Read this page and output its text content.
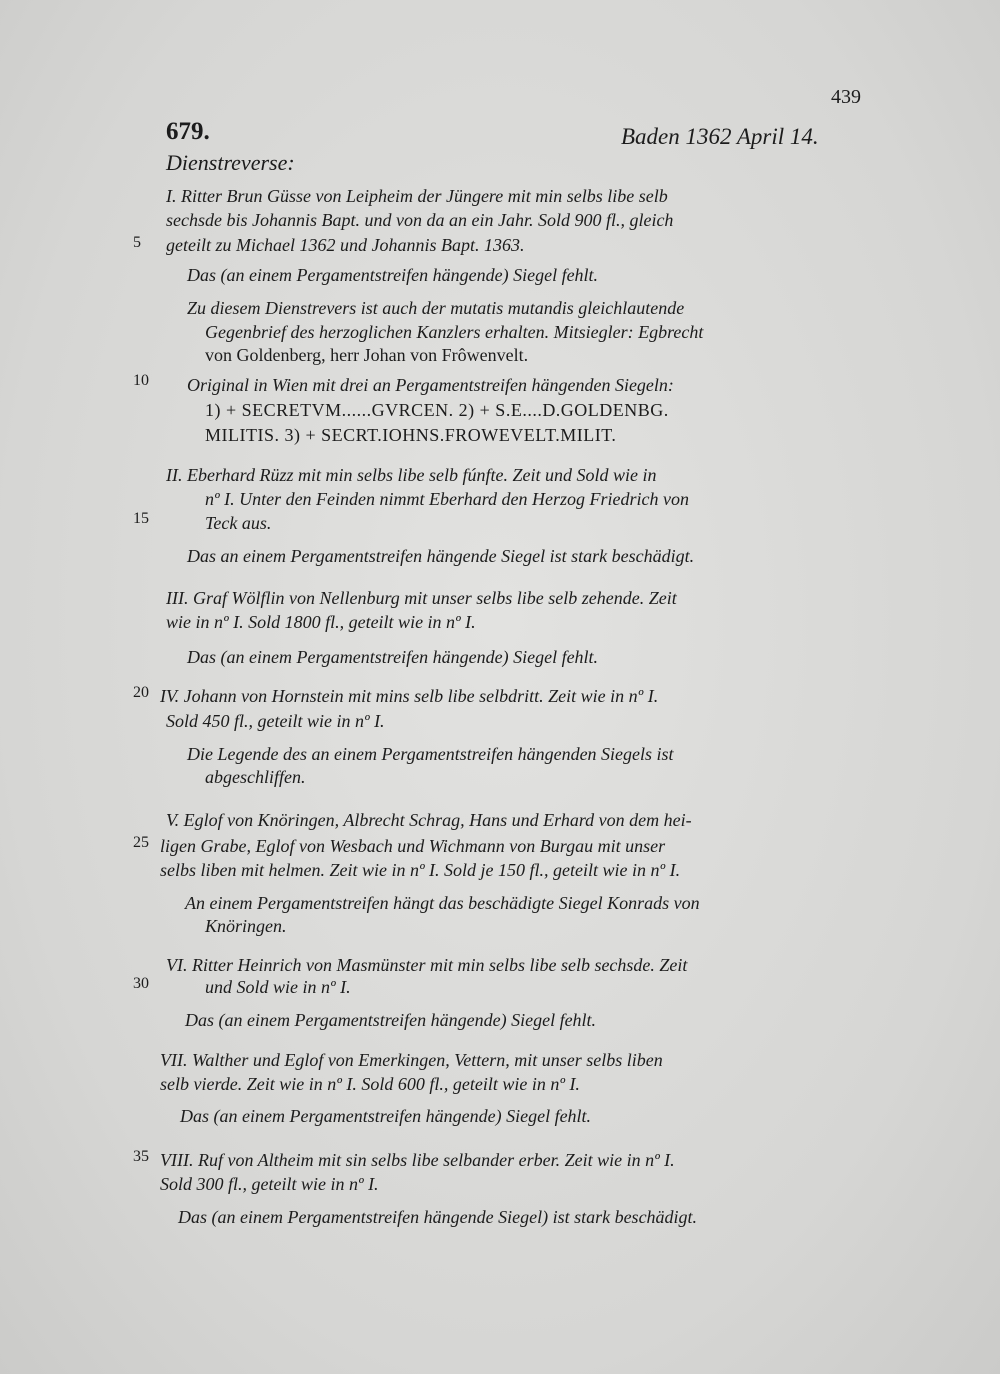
439
679.	Baden 1362 April 14.
Dienstreverse:
5
10
15
20
25
30
35
I. Ritter Brun Güsse von Leipheim der Jüngere mit min selbs libe selb
sechsde bis Johannis Bapt. und von da an ein Jahr. Sold 900 fl., gleich
geteilt zu Michael 1362 und Johannis Bapt. 1363.
Das (an einem Pergamentstreifen hängende) Siegel fehlt.
Zu diesem Dienstrevers ist auch der mutatis mutandis gleichlautende
Gegenbrief des herzoglichen Kanzlers erhalten. Mitsiegler: Egbrecht
von Goldenberg, herr Johan von Frôwenvelt.
Original in Wien mit drei an Pergamentstreifen hängenden Siegeln:
1) + SECRETVM......GVRCEN. 2) + S.E....D.GOLDENBG.
MILITIS. 3) + SECRT.IOHNS.FROWEVELT.MILIT.
II. Eberhard Rüzz mit min selbs libe selb fúnfte. Zeit und Sold wie in
nº I. Unter den Feinden nimmt Eberhard den Herzog Friedrich von
Teck aus.
Das an einem Pergamentstreifen hängende Siegel ist stark beschädigt.
III. Graf Wölflin von Nellenburg mit unser selbs libe selb zehende. Zeit
wie in nº I. Sold 1800 fl., geteilt wie in nº I.
Das (an einem Pergamentstreifen hängende) Siegel fehlt.
IV. Johann von Hornstein mit mins selb libe selbdritt. Zeit wie in nº I.
Sold 450 fl., geteilt wie in nº I.
Die Legende des an einem Pergamentstreifen hängenden Siegels ist
abgeschliffen.
V. Eglof von Knöringen, Albrecht Schrag, Hans und Erhard von dem hei-
ligen Grabe, Eglof von Wesbach und Wichmann von Burgau mit unser
selbs liben mit helmen. Zeit wie in nº I. Sold je 150 fl., geteilt wie in nº I.
An einem Pergamentstreifen hängt das beschädigte Siegel Konrads von
Knöringen.
VI. Ritter Heinrich von Masmünster mit min selbs libe selb sechsde. Zeit
und Sold wie in nº I.
Das (an einem Pergamentstreifen hängende) Siegel fehlt.
VII. Walther und Eglof von Emerkingen, Vettern, mit unser selbs liben
selb vierde. Zeit wie in nº I. Sold 600 fl., geteilt wie in nº I.
Das (an einem Pergamentstreifen hängende) Siegel fehlt.
VIII. Ruf von Altheim mit sin selbs libe selbander erber. Zeit wie in nº I.
Sold 300 fl., geteilt wie in nº I.
Das (an einem Pergamentstreifen hängende Siegel) ist stark beschädigt.
